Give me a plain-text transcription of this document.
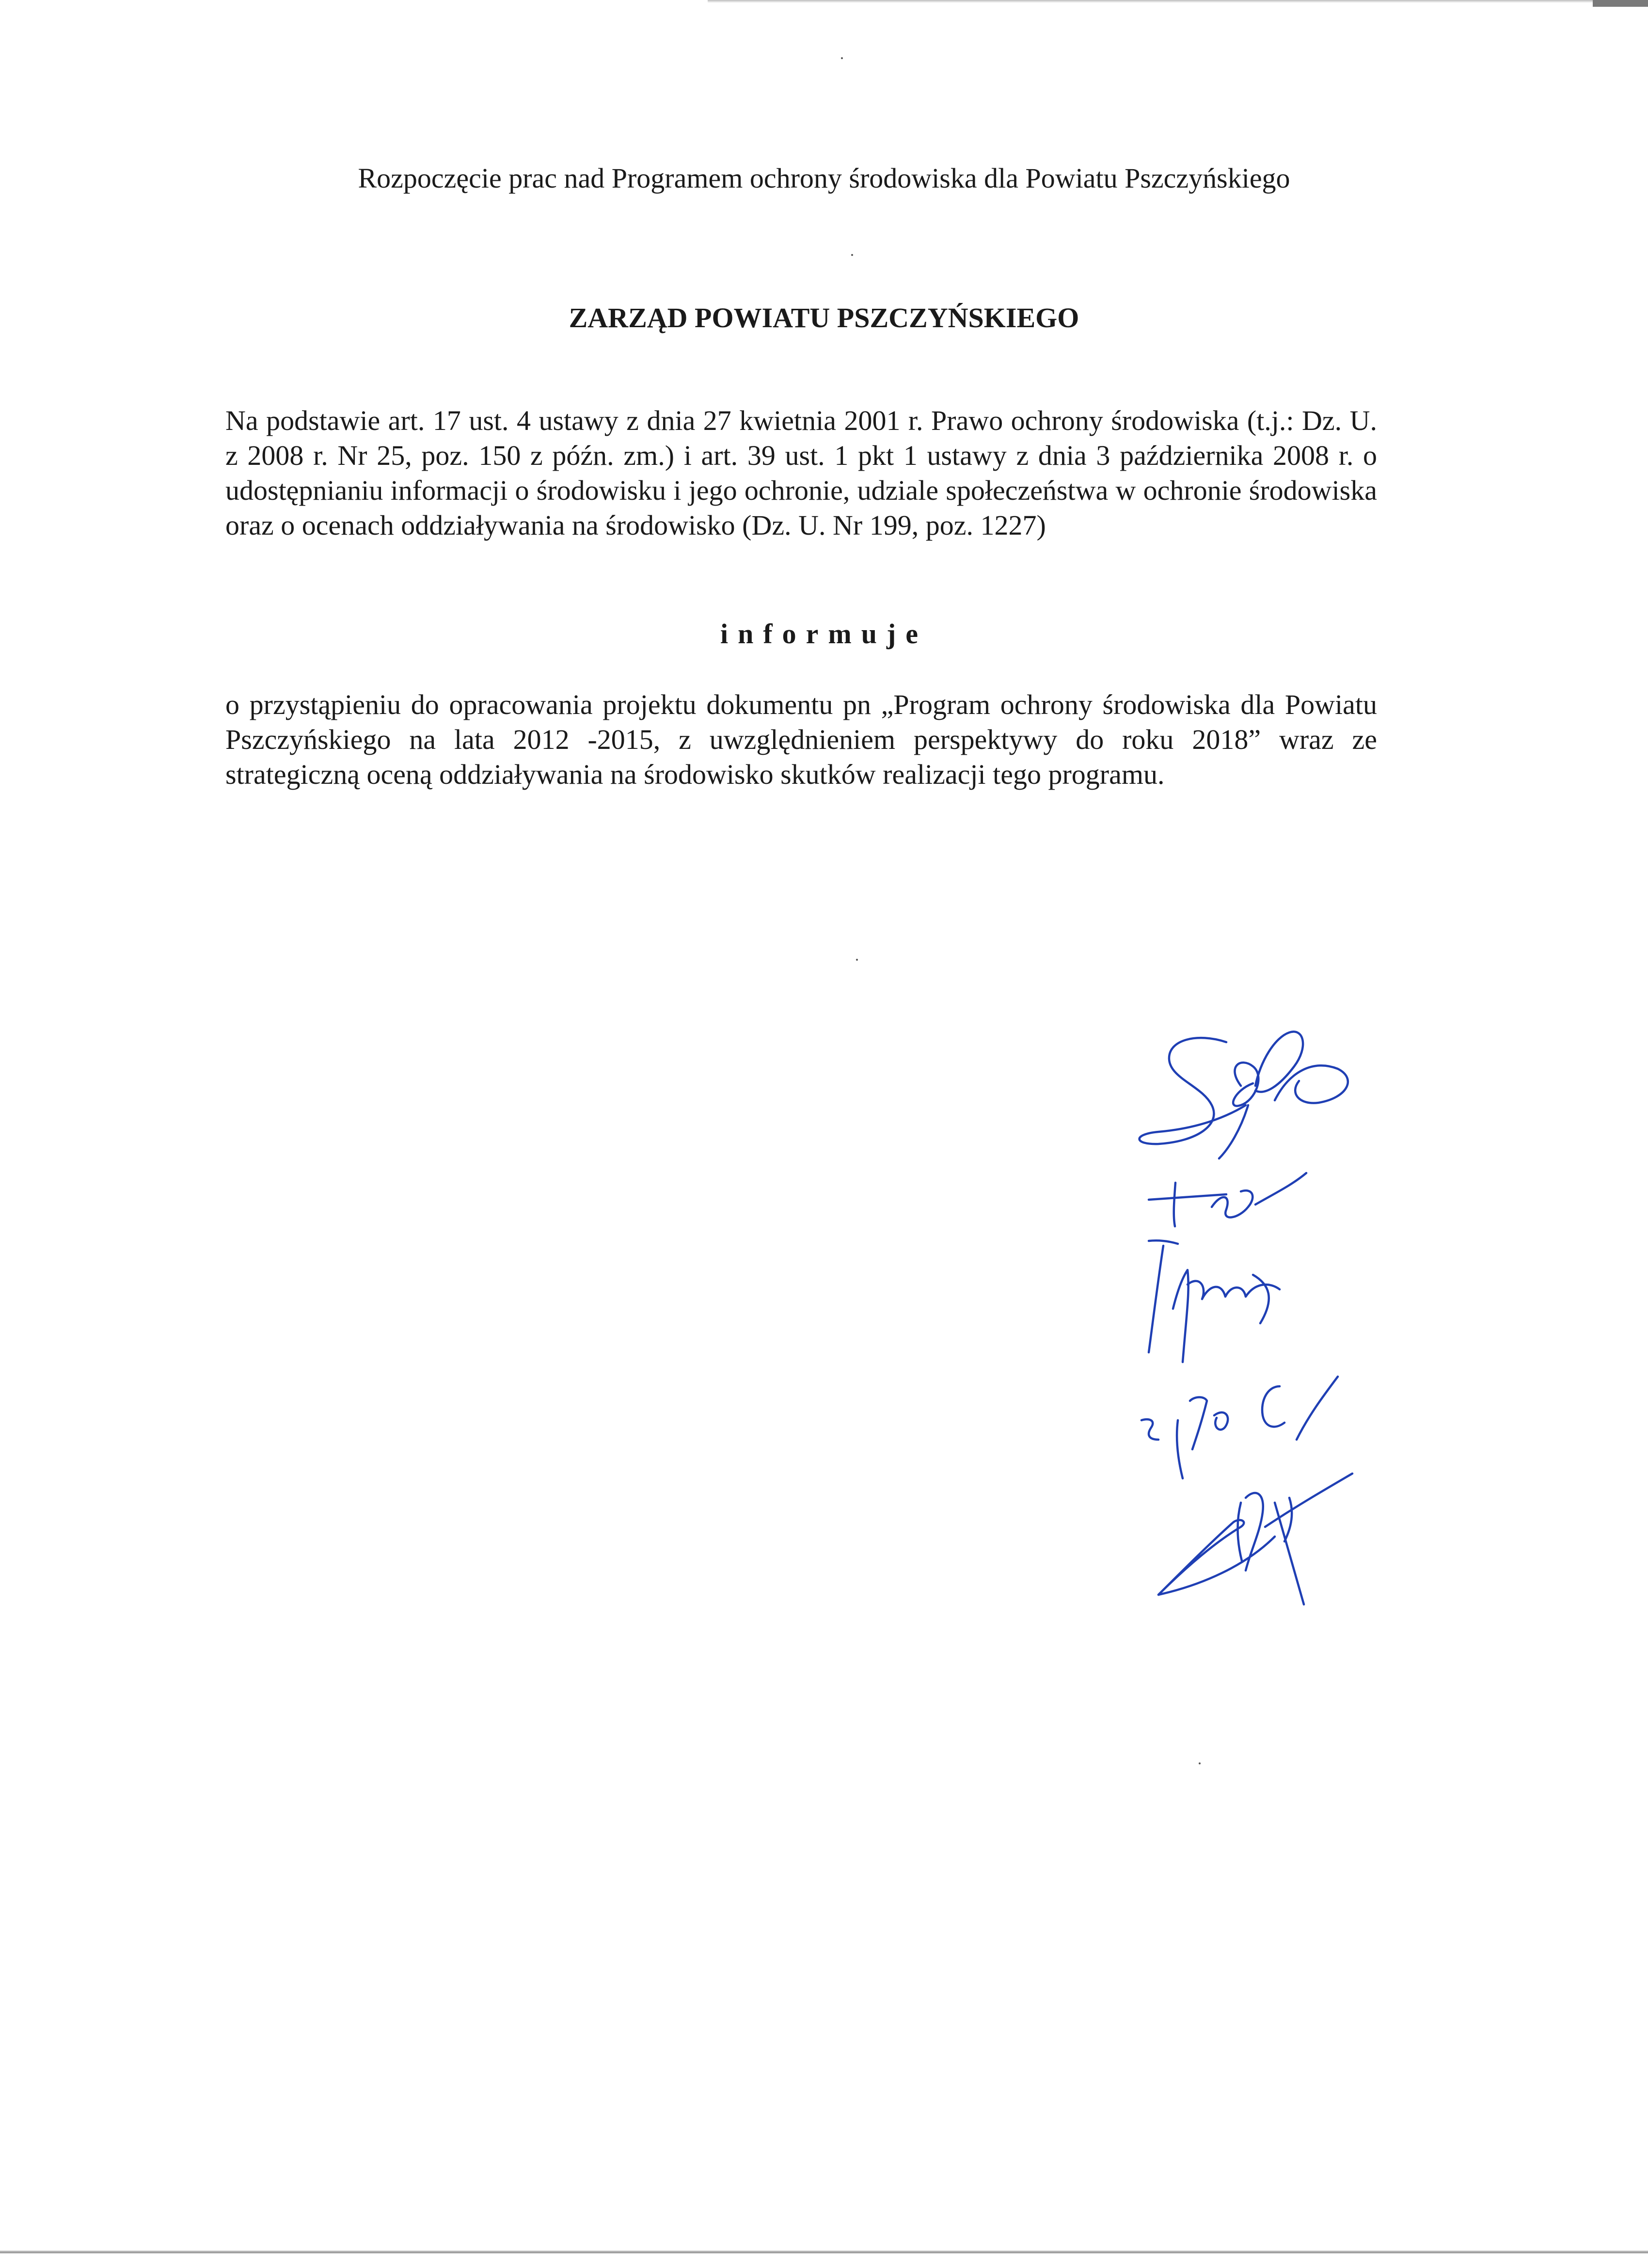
Rozpoczęcie prac nad Programem ochrony środowiska dla Powiatu Pszczyńskiego
ZARZĄD POWIATU PSZCZYŃSKIEGO
Na podstawie art. 17 ust. 4 ustawy z dnia 27 kwietnia 2001 r. Prawo ochrony środowiska (t.j.: Dz. U. z 2008 r. Nr 25, poz. 150 z późn. zm.) i art. 39 ust. 1 pkt 1 ustawy z dnia 3 października 2008 r. o udostępnianiu informacji o środowisku i jego ochronie, udziale społeczeństwa w ochronie środowiska oraz o ocenach oddziaływania na środowisko (Dz. U. Nr 199, poz. 1227)
informuje
o przystąpieniu do opracowania projektu dokumentu pn „Program ochrony środowiska dla Powiatu Pszczyńskiego na lata 2012 -2015, z uwzględnieniem perspektywy do roku 2018” wraz ze strategiczną oceną oddziaływania na środowisko skutków realizacji tego programu.
